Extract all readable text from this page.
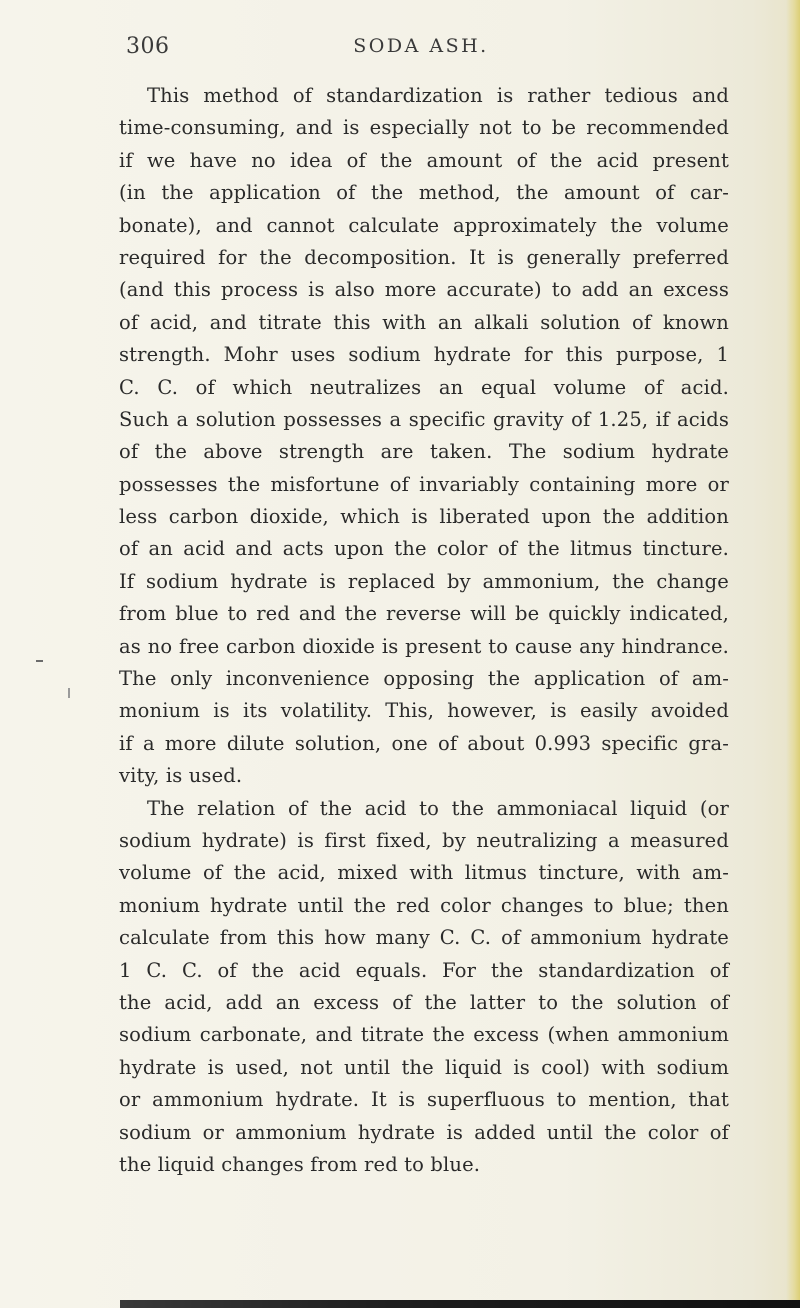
306	SODA ASH.
This method of standardization is rather tedious and
time-consuming, and is especially not to be recommended
if we have no idea of the amount of the acid present
(in the application of the method, the amount of car-
bonate), and cannot calculate approximately the volume
required for the decomposition. It is generally preferred
(and this process is also more accurate) to add an excess
of acid, and titrate this with an alkali solution of known
strength. Mohr uses sodium hydrate for this purpose, 1
C. C. of which neutralizes an equal volume of acid.
Such a solution possesses a specific gravity of 1.25, if acids
of the above strength are taken. The sodium hydrate
possesses the misfortune of invariably containing more or
less carbon dioxide, which is liberated upon the addition
of an acid and acts upon the color of the litmus tincture.
If sodium hydrate is replaced by ammonium, the change
from blue to red and the reverse will be quickly indicated,
as no free carbon dioxide is present to cause any hindrance.
The only inconvenience opposing the application of am-
monium is its volatility. This, however, is easily avoided
if a more dilute solution, one of about 0.993 specific gra-
vity, is used.
The relation of the acid to the ammoniacal liquid (or
sodium hydrate) is first fixed, by neutralizing a measured
volume of the acid, mixed with litmus tincture, with am-
monium hydrate until the red color changes to blue; then
calculate from this how many C. C. of ammonium hydrate
1 C. C. of the acid equals. For the standardization of
the acid, add an excess of the latter to the solution of
sodium carbonate, and titrate the excess (when ammonium
hydrate is used, not until the liquid is cool) with sodium
or ammonium hydrate. It is superfluous to mention, that
sodium or ammonium hydrate is added until the color of
the liquid changes from red to blue.
